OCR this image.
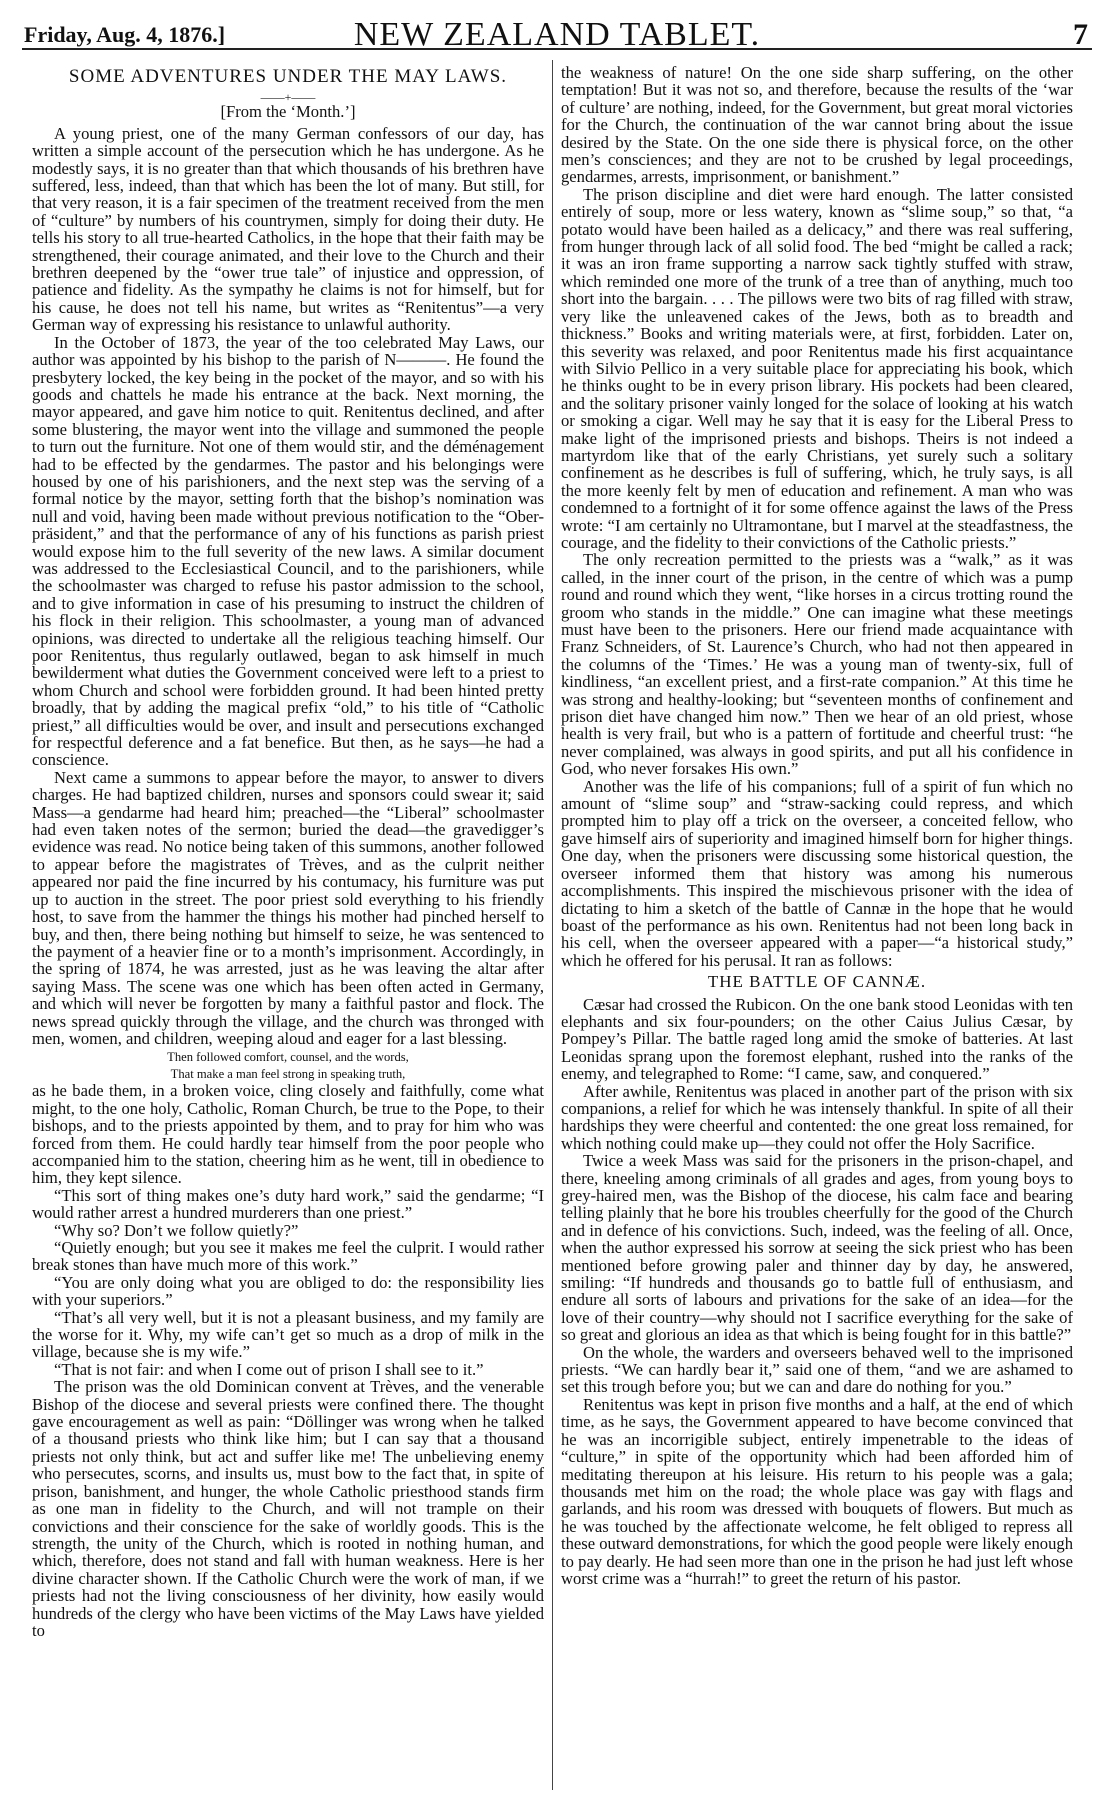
Friday, Aug. 4, 1876.]	NEW ZEALAND TABLET.	7
SOME ADVENTURES UNDER THE MAY LAWS.

——+——

[From the ‘Month.’]

A young priest, one of the many German confessors of our day, has written a simple account of the persecution which he has undergone. As he modestly says, it is no greater than that which thousands of his brethren have suffered, less, indeed, than that which has been the lot of many. But still, for that very reason, it is a fair specimen of the treatment received from the men of “culture” by numbers of his countrymen, simply for doing their duty. He tells his story to all true-hearted Catholics, in the hope that their faith may be strengthened, their courage animated, and their love to the Church and their brethren deepened by the “ower true tale” of injustice and oppression, of patience and fidelity. As the sympathy he claims is not for himself, but for his cause, he does not tell his name, but writes as “Renitentus”—a very German way of expressing his resistance to unlawful authority.

In the October of 1873, the year of the too celebrated May Laws, our author was appointed by his bishop to the parish of N———. He found the presbytery locked, the key being in the pocket of the mayor, and so with his goods and chattels he made his entrance at the back. Next morning, the mayor appeared, and gave him notice to quit. Renitentus declined, and after some blustering, the mayor went into the village and summoned the people to turn out the furniture. Not one of them would stir, and the déménagement had to be effected by the gendarmes. The pastor and his belongings were housed by one of his parishioners, and the next step was the serving of a formal notice by the mayor, setting forth that the bishop’s nomination was null and void, having been made without previous notification to the “Ober-präsident,” and that the performance of any of his functions as parish priest would expose him to the full severity of the new laws. A similar document was addressed to the Ecclesiastical Council, and to the parishioners, while the schoolmaster was charged to refuse his pastor admission to the school, and to give information in case of his presuming to instruct the children of his flock in their religion. This schoolmaster, a young man of advanced opinions, was directed to undertake all the religious teaching himself. Our poor Renitentus, thus regularly outlawed, began to ask himself in much bewilderment what duties the Government conceived were left to a priest to whom Church and school were forbidden ground. It had been hinted pretty broadly, that by adding the magical prefix “old,” to his title of “Catholic priest,” all difficulties would be over, and insult and persecutions exchanged for respectful deference and a fat benefice. But then, as he says—he had a conscience.

Next came a summons to appear before the mayor, to answer to divers charges. He had baptized children, nurses and sponsors could swear it; said Mass—a gendarme had heard him; preached—the “Liberal” schoolmaster had even taken notes of the sermon; buried the dead—the gravedigger’s evidence was read. No notice being taken of this summons, another followed to appear before the magistrates of Trèves, and as the culprit neither appeared nor paid the fine incurred by his contumacy, his furniture was put up to auction in the street. The poor priest sold everything to his friendly host, to save from the hammer the things his mother had pinched herself to buy, and then, there being nothing but himself to seize, he was sentenced to the payment of a heavier fine or to a month’s imprisonment. Accordingly, in the spring of 1874, he was arrested, just as he was leaving the altar after saying Mass. The scene was one which has been often acted in Germany, and which will never be forgotten by many a faithful pastor and flock. The news spread quickly through the village, and the church was thronged with men, women, and children, weeping aloud and eager for a last blessing.

Then followed comfort, counsel, and the words,

That make a man feel strong in speaking truth,

as he bade them, in a broken voice, cling closely and faithfully, come what might, to the one holy, Catholic, Roman Church, be true to the Pope, to their bishops, and to the priests appointed by them, and to pray for him who was forced from them. He could hardly tear himself from the poor people who accompanied him to the station, cheering him as he went, till in obedience to him, they kept silence.

“This sort of thing makes one’s duty hard work,” said the gendarme; “I would rather arrest a hundred murderers than one priest.”

“Why so? Don’t we follow quietly?”

“Quietly enough; but you see it makes me feel the culprit. I would rather break stones than have much more of this work.”

“You are only doing what you are obliged to do: the responsibility lies with your superiors.”

“That’s all very well, but it is not a pleasant business, and my family are the worse for it. Why, my wife can’t get so much as a drop of milk in the village, because she is my wife.”

“That is not fair: and when I come out of prison I shall see to it.”

The prison was the old Dominican convent at Trèves, and the venerable Bishop of the diocese and several priests were confined there. The thought gave encouragement as well as pain: “Döllinger was wrong when he talked of a thousand priests who think like him; but I can say that a thousand priests not only think, but act and suffer like me! The unbelieving enemy who persecutes, scorns, and insults us, must bow to the fact that, in spite of prison, banishment, and hunger, the whole Catholic priesthood stands firm as one man in fidelity to the Church, and will not trample on their convictions and their conscience for the sake of worldly goods. This is the strength, the unity of the Church, which is rooted in nothing human, and which, therefore, does not stand and fall with human weakness. Here is her divine character shown. If the Catholic Church were the work of man, if we priests had not the living consciousness of her divinity, how easily would hundreds of the clergy who have been victims of the May Laws have yielded to

the weakness of nature! On the one side sharp suffering, on the other temptation! But it was not so, and therefore, because the results of the ‘war of culture’ are nothing, indeed, for the Government, but great moral victories for the Church, the continuation of the war cannot bring about the issue desired by the State. On the one side there is physical force, on the other men’s consciences; and they are not to be crushed by legal proceedings, gendarmes, arrests, imprisonment, or banishment.”

The prison discipline and diet were hard enough. The latter consisted entirely of soup, more or less watery, known as “slime soup,” so that, “a potato would have been hailed as a delicacy,” and there was real suffering, from hunger through lack of all solid food. The bed “might be called a rack; it was an iron frame supporting a narrow sack tightly stuffed with straw, which reminded one more of the trunk of a tree than of anything, much too short into the bargain. . . . The pillows were two bits of rag filled with straw, very like the unleavened cakes of the Jews, both as to breadth and thickness.” Books and writing materials were, at first, forbidden. Later on, this severity was relaxed, and poor Renitentus made his first acquaintance with Silvio Pellico in a very suitable place for appreciating his book, which he thinks ought to be in every prison library. His pockets had been cleared, and the solitary prisoner vainly longed for the solace of looking at his watch or smoking a cigar. Well may he say that it is easy for the Liberal Press to make light of the imprisoned priests and bishops. Theirs is not indeed a martyrdom like that of the early Christians, yet surely such a solitary confinement as he describes is full of suffering, which, he truly says, is all the more keenly felt by men of education and refinement. A man who was condemned to a fortnight of it for some offence against the laws of the Press wrote: “I am certainly no Ultramontane, but I marvel at the steadfastness, the courage, and the fidelity to their convictions of the Catholic priests.”

The only recreation permitted to the priests was a “walk,” as it was called, in the inner court of the prison, in the centre of which was a pump round and round which they went, “like horses in a circus trotting round the groom who stands in the middle.” One can imagine what these meetings must have been to the prisoners. Here our friend made acquaintance with Franz Schneiders, of St. Laurence’s Church, who had not then appeared in the columns of the ‘Times.’ He was a young man of twenty-six, full of kindliness, “an excellent priest, and a first-rate companion.” At this time he was strong and healthy-looking; but “seventeen months of confinement and prison diet have changed him now.” Then we hear of an old priest, whose health is very frail, but who is a pattern of fortitude and cheerful trust: “he never complained, was always in good spirits, and put all his confidence in God, who never forsakes His own.”

Another was the life of his companions; full of a spirit of fun which no amount of “slime soup” and “straw-sacking could repress, and which prompted him to play off a trick on the overseer, a conceited fellow, who gave himself airs of superiority and imagined himself born for higher things. One day, when the prisoners were discussing some historical question, the overseer informed them that history was among his numerous accomplishments. This inspired the mischievous prisoner with the idea of dictating to him a sketch of the battle of Cannæ in the hope that he would boast of the performance as his own. Renitentus had not been long back in his cell, when the overseer appeared with a paper—“a historical study,” which he offered for his perusal. It ran as follows:

THE BATTLE OF CANNÆ.

Cæsar had crossed the Rubicon. On the one bank stood Leonidas with ten elephants and six four-pounders; on the other Caius Julius Cæsar, by Pompey’s Pillar. The battle raged long amid the smoke of batteries. At last Leonidas sprang upon the foremost elephant, rushed into the ranks of the enemy, and telegraphed to Rome: “I came, saw, and conquered.”

After awhile, Renitentus was placed in another part of the prison with six companions, a relief for which he was intensely thankful. In spite of all their hardships they were cheerful and contented: the one great loss remained, for which nothing could make up—they could not offer the Holy Sacrifice.

Twice a week Mass was said for the prisoners in the prison-chapel, and there, kneeling among criminals of all grades and ages, from young boys to grey-haired men, was the Bishop of the diocese, his calm face and bearing telling plainly that he bore his troubles cheerfully for the good of the Church and in defence of his convictions. Such, indeed, was the feeling of all. Once, when the author expressed his sorrow at seeing the sick priest who has been mentioned before growing paler and thinner day by day, he answered, smiling: “If hundreds and thousands go to battle full of enthusiasm, and endure all sorts of labours and privations for the sake of an idea—for the love of their country—why should not I sacrifice everything for the sake of so great and glorious an idea as that which is being fought for in this battle?”

On the whole, the warders and overseers behaved well to the imprisoned priests. “We can hardly bear it,” said one of them, “and we are ashamed to set this trough before you; but we can and dare do nothing for you.”

Renitentus was kept in prison five months and a half, at the end of which time, as he says, the Government appeared to have become convinced that he was an incorrigible subject, entirely impenetrable to the ideas of “culture,” in spite of the opportunity which had been afforded him of meditating thereupon at his leisure. His return to his people was a gala; thousands met him on the road; the whole place was gay with flags and garlands, and his room was dressed with bouquets of flowers. But much as he was touched by the affectionate welcome, he felt obliged to repress all these outward demonstrations, for which the good people were likely enough to pay dearly. He had seen more than one in the prison he had just left whose worst crime was a “hurrah!” to greet the return of his pastor.
